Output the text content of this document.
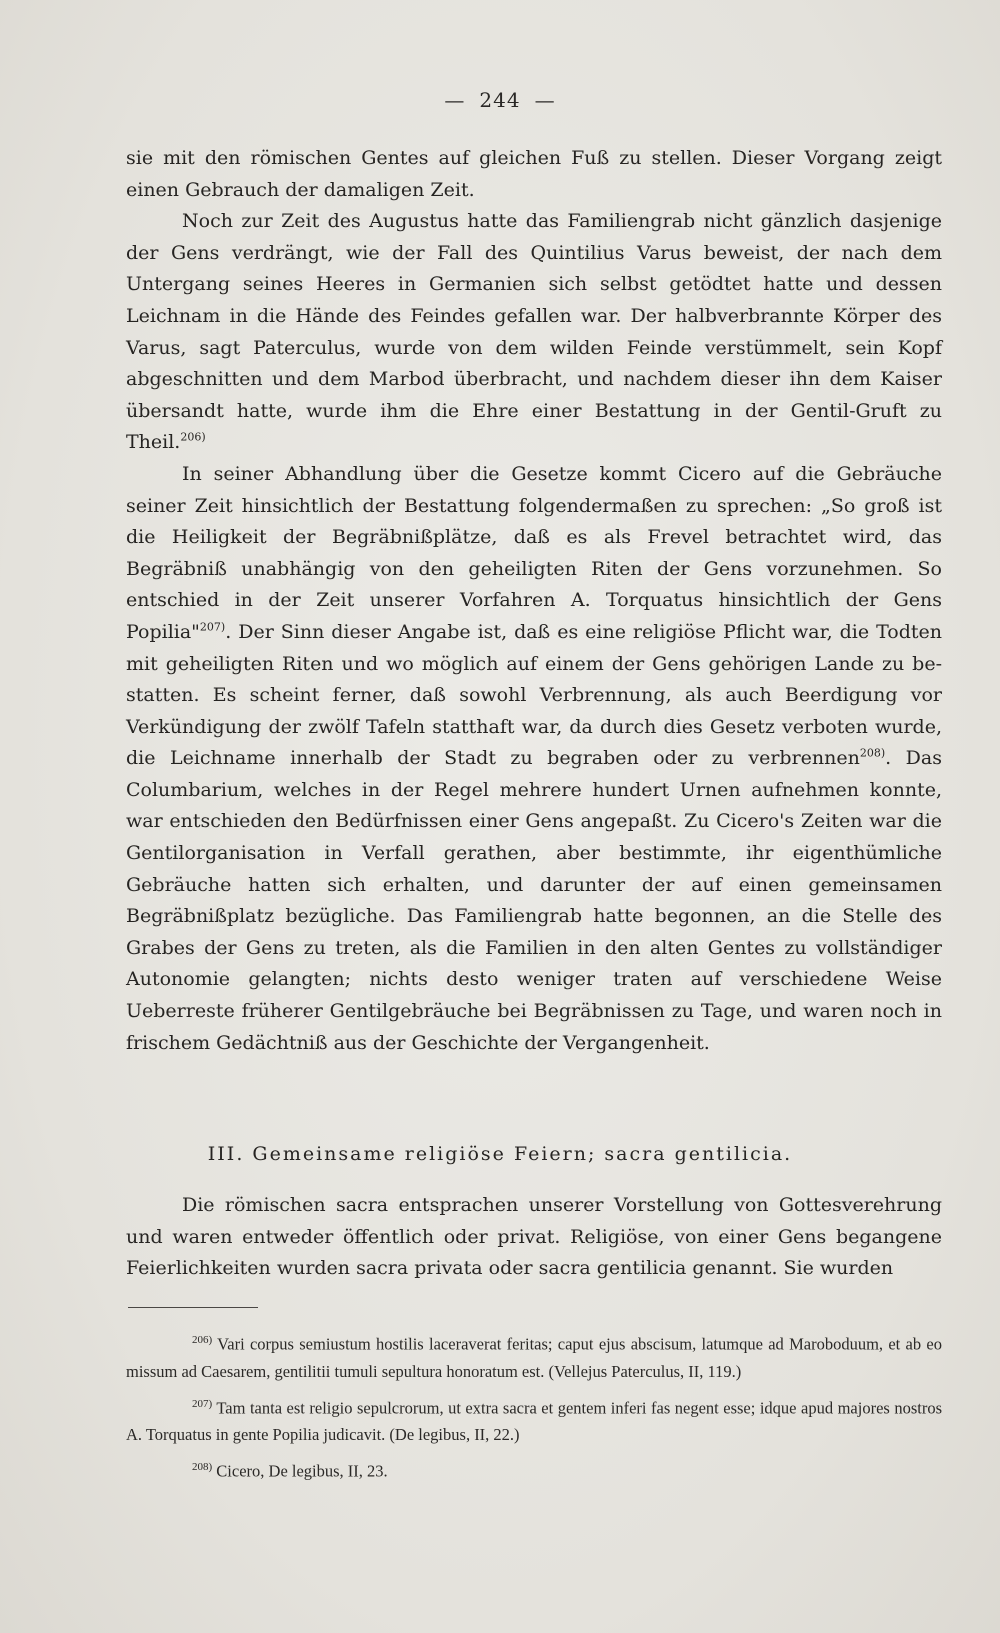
— 244 —

sie mit den römischen Gentes auf gleichen Fuß zu stellen. Dieser Vorgang zeigt einen Gebrauch der damaligen Zeit.

Noch zur Zeit des Augustus hatte das Familiengrab nicht gänzlich dasjenige der Gens verdrängt, wie der Fall des Quintilius Varus beweist, der nach dem Untergang seines Heeres in Germanien sich selbst getödtet hatte und dessen Leichnam in die Hände des Feindes gefallen war. Der halbverbrannte Körper des Varus, sagt Paterculus, wurde von dem wilden Feinde verstümmelt, sein Kopf abgeschnitten und dem Marbod überbracht, und nachdem dieser ihn dem Kaiser übersandt hatte, wurde ihm die Ehre einer Bestattung in der Gentil-Gruft zu Theil.$^{206)}$

In seiner Abhandlung über die Gesetze kommt Cicero auf die Gebräuche seiner Zeit hinsichtlich der Bestattung folgendermaßen zu sprechen: „So groß ist die Heiligkeit der Begräbnißplätze, daß es als Frevel betrachtet wird, das Begräbniß unabhängig von den geheiligten Riten der Gens vorzunehmen. So entschied in der Zeit unserer Vorfahren A. Torquatus hinsichtlich der Gens Popilia"$^{207)}$. Der Sinn dieser Angabe ist, daß es eine religiöse Pflicht war, die Todten mit geheiligten Riten und wo möglich auf einem der Gens gehörigen Lande zu bestatten. Es scheint ferner, daß sowohl Verbrennung, als auch Beerdigung vor Verkündigung der zwölf Tafeln statthaft war, da durch dies Gesetz verboten wurde, die Leichname innerhalb der Stadt zu begraben oder zu verbrennen$^{208)}$. Das Columbarium, welches in der Regel mehrere hundert Urnen aufnehmen konnte, war entschieden den Bedürfnissen einer Gens angepaßt. Zu Cicero's Zeiten war die Gentilorganisation in Verfall gerathen, aber bestimmte, ihr eigenthümliche Gebräuche hatten sich erhalten, und darunter der auf einen gemeinsamen Begräbnißplatz bezügliche. Das Familiengrab hatte begonnen, an die Stelle des Grabes der Gens zu treten, als die Familien in den alten Gentes zu vollständiger Autonomie gelangten; nichts desto weniger traten auf verschiedene Weise Ueberreste früherer Gentilgebräuche bei Begräbnissen zu Tage, und waren noch in frischem Gedächtniß aus der Geschichte der Vergangenheit.

III. Gemeinsame religiöse Feiern; sacra gentilicia.

Die römischen sacra entsprachen unserer Vorstellung von Gottesverehrung und waren entweder öffentlich oder privat. Religiöse, von einer Gens begangene Feierlichkeiten wurden sacra privata oder sacra gentilicia genannt. Sie wurden

$^{206)}$ Vari corpus semiustum hostilis laceraverat feritas; caput ejus abscisum, latumque ad Maroboduum, et ab eo missum ad Caesarem, gentilitii tumuli sepultura honoratum est. (Vellejus Paterculus, II, 119.)

$^{207)}$ Tam tanta est religio sepulcrorum, ut extra sacra et gentem inferi fas negent esse; idque apud majores nostros A. Torquatus in gente Popilia judicavit. (De legibus, II, 22.)

$^{208)}$ Cicero, De legibus, II, 23.
